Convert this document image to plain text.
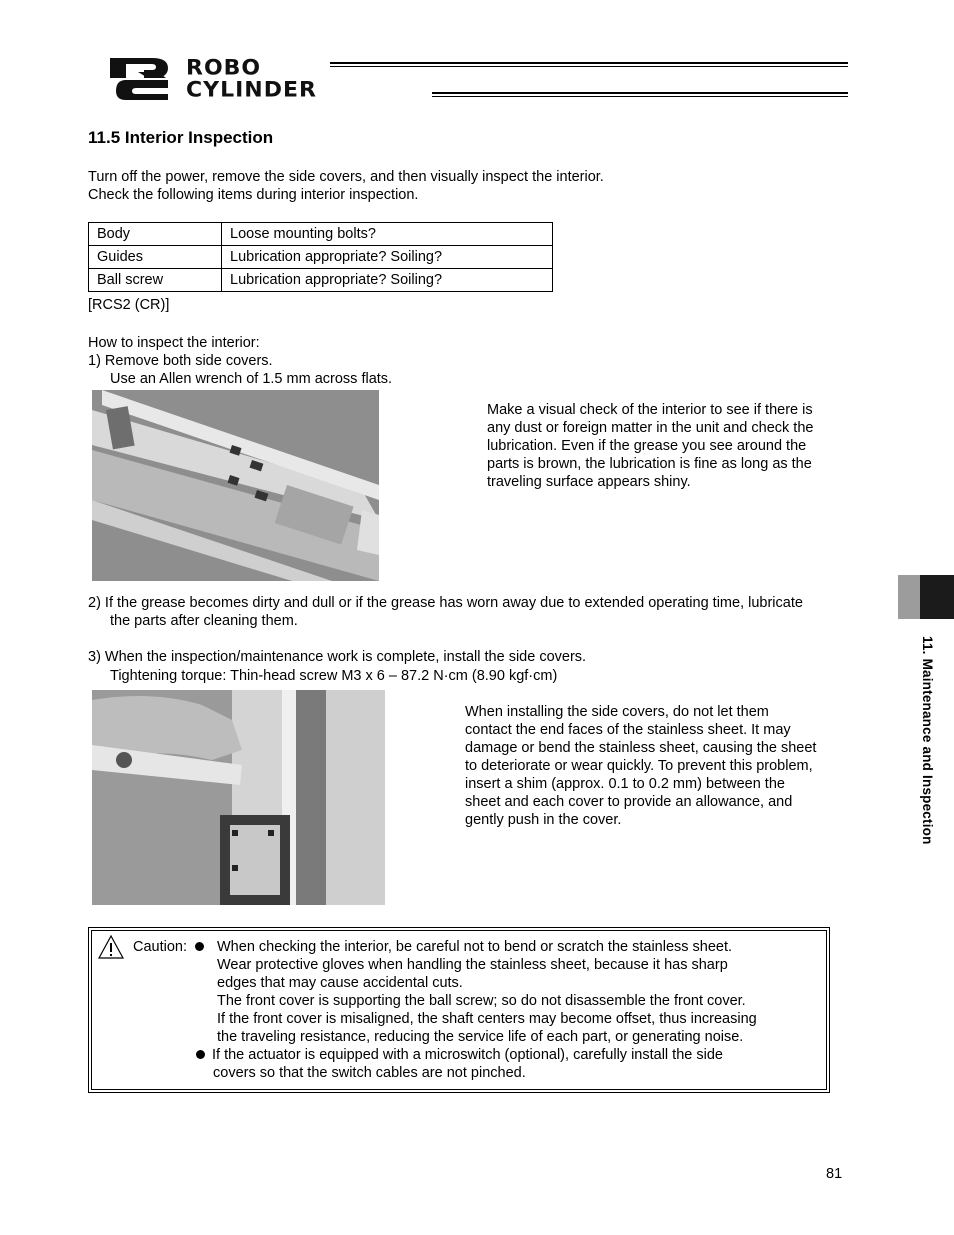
ROBO
CYLINDER
11.5 Interior Inspection
Turn off the power, remove the side covers, and then visually inspect the interior.
Check the following items during interior inspection.
Body	Loose mounting bolts?
Guides	Lubrication appropriate? Soiling?
Ball screw	Lubrication appropriate? Soiling?
[RCS2 (CR)]
How to inspect the interior:
1) Remove both side covers.
Use an Allen wrench of 1.5 mm across flats.
Make a visual check of the interior to see if there is
any dust or foreign matter in the unit and check the
lubrication. Even if the grease you see around the
parts is brown, the lubrication is fine as long as the
traveling surface appears shiny.
2) If the grease becomes dirty and dull or if the grease has worn away due to extended operating time, lubricate
the parts after cleaning them.
3) When the inspection/maintenance work is complete, install the side covers.
Tightening torque: Thin-head screw M3 x 6 – 87.2 N·cm (8.90 kgf·cm)
When installing the side covers, do not let them
contact the end faces of the stainless sheet. It may
damage or bend the stainless sheet, causing the sheet
to deteriorate or wear quickly. To prevent this problem,
insert a shim (approx. 0.1 to 0.2 mm) between the
sheet and each cover to provide an allowance, and
gently push in the cover.
Caution: When checking the interior, be careful not to bend or scratch the stainless sheet.
Wear protective gloves when handling the stainless sheet, because it has sharp
edges that may cause accidental cuts.
The front cover is supporting the ball screw; so do not disassemble the front cover.
If the front cover is misaligned, the shaft centers may become offset, thus increasing
the traveling resistance, reducing the service life of each part, or generating noise.
If the actuator is equipped with a microswitch (optional), carefully install the side
covers so that the switch cables are not pinched.
11. Maintenance and Inspection
81
